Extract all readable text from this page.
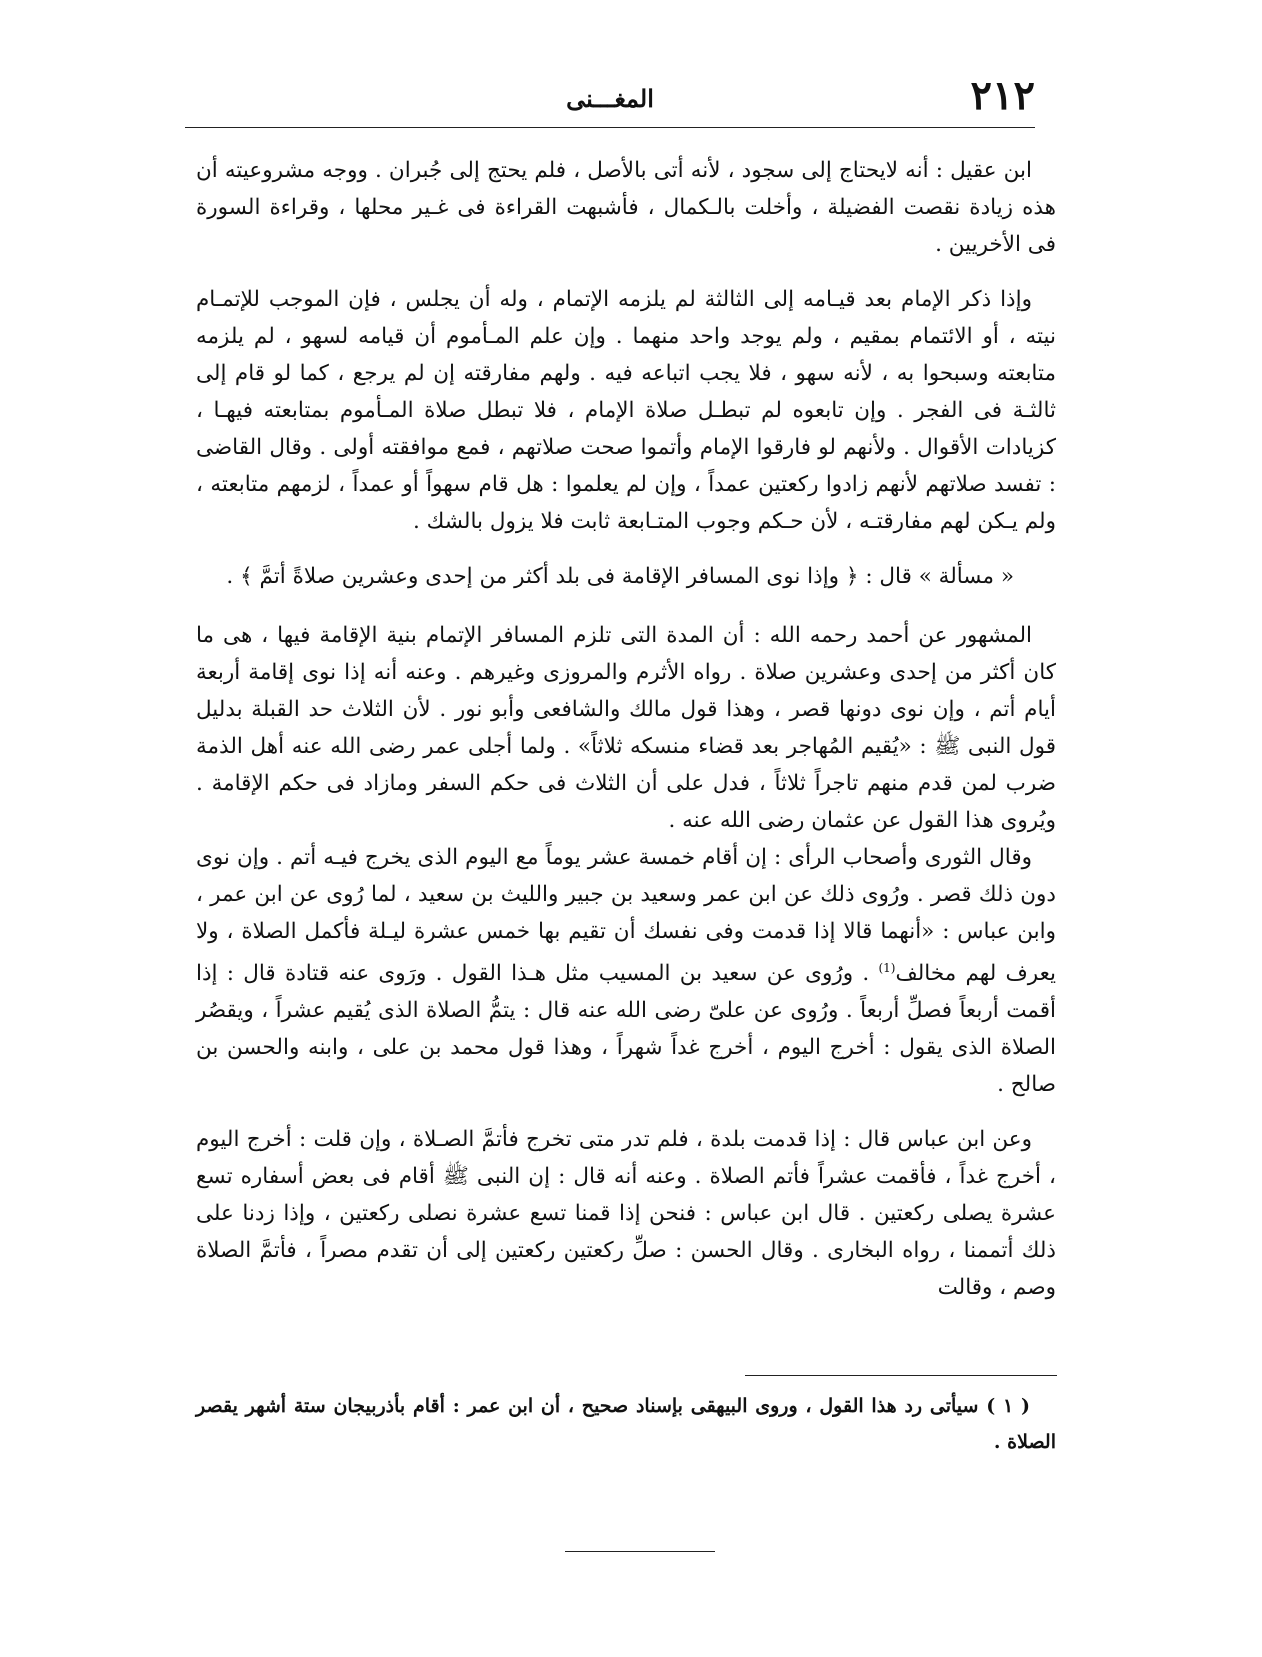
٢١٢
المغـــنى

ابن عقيل : أنه لايحتاج إلى سجود ، لأنه أتى بالأصل ، فلم يحتج إلى جُبران . ووجه مشروعيته أن هذه زيادة نقصت الفضيلة ، وأخلت بالـكمال ، فأشبهت القراءة فى غـير محلها ، وقراءة السورة فى الأخريين .

وإذا ذكر الإمام بعد قيـامه إلى الثالثة لم يلزمه الإتمام ، وله أن يجلس ، فإن الموجب للإتمـام نيته ، أو الائتمام بمقيم ، ولم يوجد واحد منهما . وإن علم المـأموم أن قيامه لسهو ، لم يلزمه متابعته وسبحوا به ، لأنه سهو ، فلا يجب اتباعه فيه . ولهم مفارقته إن لم يرجع ، كما لو قام إلى ثالثـة فى الفجر . وإن تابعوه لم تبطـل صلاة الإمام ، فلا تبطل صلاة المـأموم بمتابعته فيهـا ، كزيادات الأقوال . ولأنهم لو فارقوا الإمام وأتموا صحت صلاتهم ، فمع موافقته أولى . وقال القاضى : تفسد صلاتهم لأنهم زادوا ركعتين عمداً ، وإن لم يعلموا : هل قام سهواً أو عمداً ، لزمهم متابعته ، ولم يـكن لهم مفارقتـه ، لأن حـكم وجوب المتـابعة ثابت فلا يزول بالشك .

« مسألة » قال : ﴿ وإذا نوى المسافر الإقامة فى بلد أكثر من إحدى وعشرين صلاةً أتمَّ ﴾ .

المشهور عن أحمد رحمه الله : أن المدة التى تلزم المسافر الإتمام بنية الإقامة فيها ، هى ما كان أكثر من إحدى وعشرين صلاة . رواه الأثرم والمروزى وغيرهم . وعنه أنه إذا نوى إقامة أربعة أيام أتم ، وإن نوى دونها قصر ، وهذا قول مالك والشافعى وأبو نور . لأن الثلاث حد القبلة بدليل قول النبى ﷺ : «يُقيم المُهاجر بعد قضاء منسكه ثلاثاً» . ولما أجلى عمر رضى الله عنه أهل الذمة ضرب لمن قدم منهم تاجراً ثلاثاً ، فدل على أن الثلاث فى حكم السفر ومازاد فى حكم الإقامة . ويُروى هذا القول عن عثمان رضى الله عنه .

وقال الثورى وأصحاب الرأى : إن أقام خمسة عشر يوماً مع اليوم الذى يخرج فيـه أتم . وإن نوى دون ذلك قصر . ورُوى ذلك عن ابن عمر وسعيد بن جبير والليث بن سعيد ، لما رُوى عن ابن عمر ، وابن عباس : «أنهما قالا إذا قدمت وفى نفسك أن تقيم بها خمس عشرة ليـلة فأكمل الصلاة ، ولا يعرف لهم مخالف$^{(1)}$ . ورُوى عن سعيد بن المسيب مثل هـذا القول . ورَوى عنه قتادة قال : إذا أقمت أربعاً فصلِّ أربعاً . ورُوى عن علىّ رضى الله عنه قال : يتمُّ الصلاة الذى يُقيم عشراً ، ويقصُر الصلاة الذى يقول : أخرج اليوم ، أخرج غداً شهراً ، وهذا قول محمد بن على ، وابنه والحسن بن صالح .

وعن ابن عباس قال : إذا قدمت بلدة ، فلم تدر متى تخرج فأتمَّ الصـلاة ، وإن قلت : أخرج اليوم ، أخرج غداً ، فأقمت عشراً فأتم الصلاة . وعنه أنه قال : إن النبى ﷺ أقام فى بعض أسفاره تسع عشرة يصلى ركعتين . قال ابن عباس : فنحن إذا قمنا تسع عشرة نصلى ركعتين ، وإذا زدنا على ذلك أتممنا ، رواه البخارى . وقال الحسن : صلِّ ركعتين ركعتين إلى أن تقدم مصراً ، فأتمَّ الصلاة وصم ، وقالت

( ١ ) سيأتى رد هذا القول ، وروى البيهقى بإسناد صحيح ، أن ابن عمر : أقام بأذربيجان ستة أشهر يقصر الصلاة .
